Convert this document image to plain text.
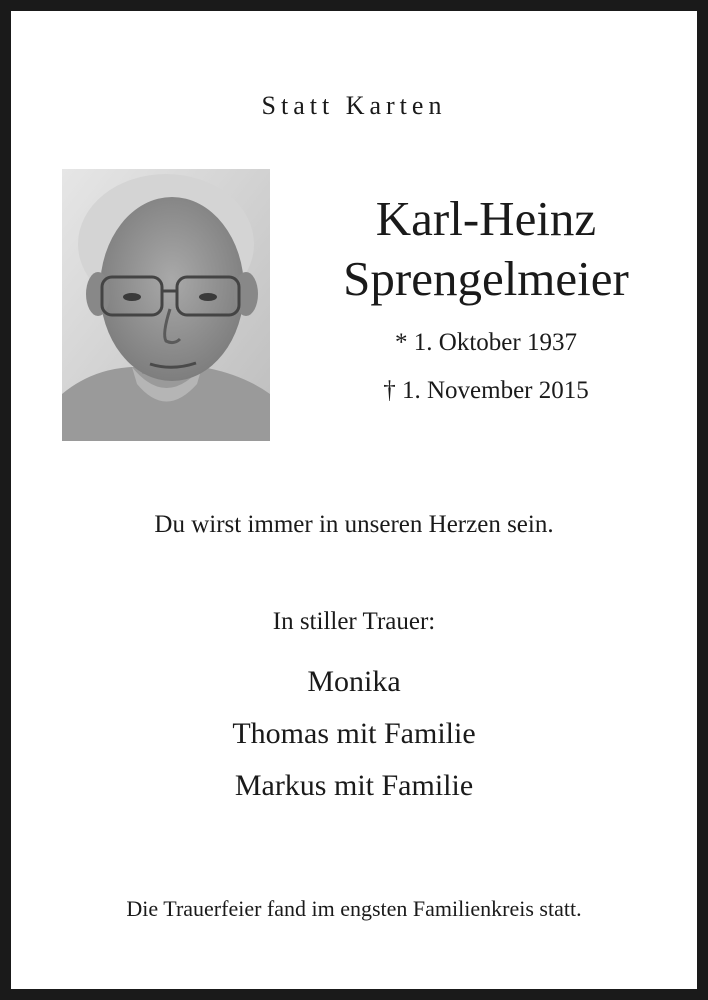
Statt Karten
Karl-Heinz
Sprengelmeier
* 1. Oktober 1937
† 1. November 2015
Du wirst immer in unseren Herzen sein.
In stiller Trauer:
Monika
Thomas mit Familie
Markus mit Familie
Die Trauerfeier fand im engsten Familienkreis statt.
